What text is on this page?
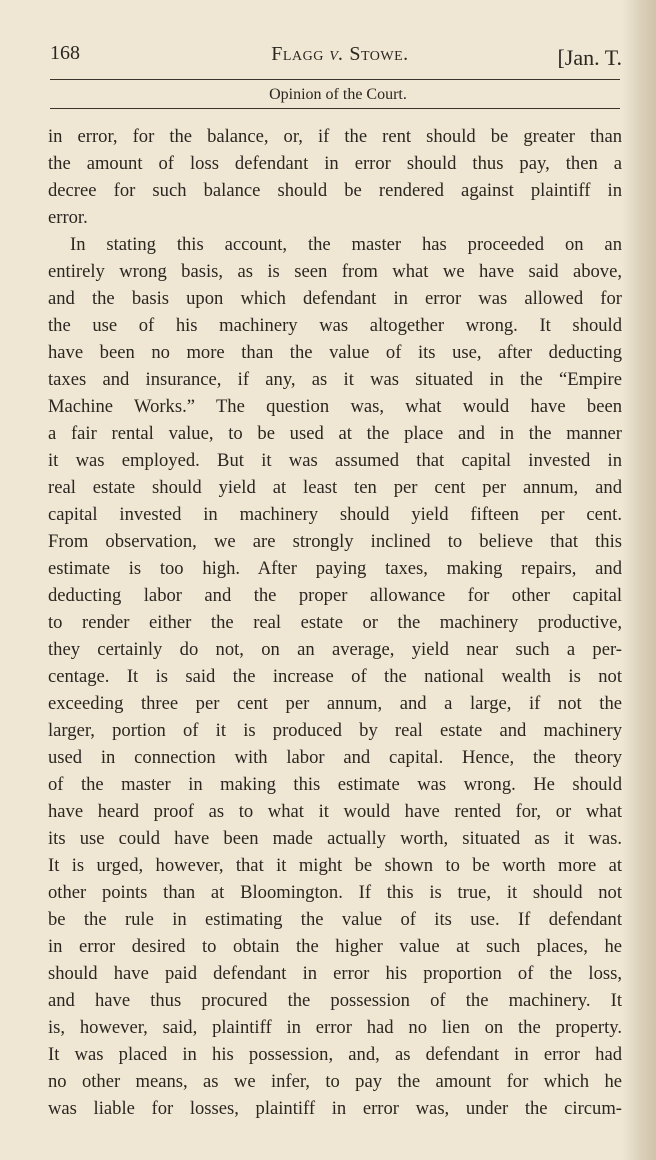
168	Flagg v. Stowe.	[Jan. T.
Opinion of the Court.
in error, for the balance, or, if the rent should be greater than
the amount of loss defendant in error should thus pay, then a
decree for such balance should be rendered against plaintiff in
error.
In stating this account, the master has proceeded on an
entirely wrong basis, as is seen from what we have said above,
and the basis upon which defendant in error was allowed for
the use of his machinery was altogether wrong. It should
have been no more than the value of its use, after deducting
taxes and insurance, if any, as it was situated in the “Empire
Machine Works.” The question was, what would have been
a fair rental value, to be used at the place and in the manner
it was employed. But it was assumed that capital invested in
real estate should yield at least ten per cent per annum, and
capital invested in machinery should yield fifteen per cent.
From observation, we are strongly inclined to believe that this
estimate is too high. After paying taxes, making repairs, and
deducting labor and the proper allowance for other capital
to render either the real estate or the machinery productive,
they certainly do not, on an average, yield near such a per-
centage. It is said the increase of the national wealth is not
exceeding three per cent per annum, and a large, if not the
larger, portion of it is produced by real estate and machinery
used in connection with labor and capital. Hence, the theory
of the master in making this estimate was wrong. He should
have heard proof as to what it would have rented for, or what
its use could have been made actually worth, situated as it was.
It is urged, however, that it might be shown to be worth more at
other points than at Bloomington. If this is true, it should not
be the rule in estimating the value of its use. If defendant
in error desired to obtain the higher value at such places, he
should have paid defendant in error his proportion of the loss,
and have thus procured the possession of the machinery. It
is, however, said, plaintiff in error had no lien on the property.
It was placed in his possession, and, as defendant in error had
no other means, as we infer, to pay the amount for which he
was liable for losses, plaintiff in error was, under the circum-
